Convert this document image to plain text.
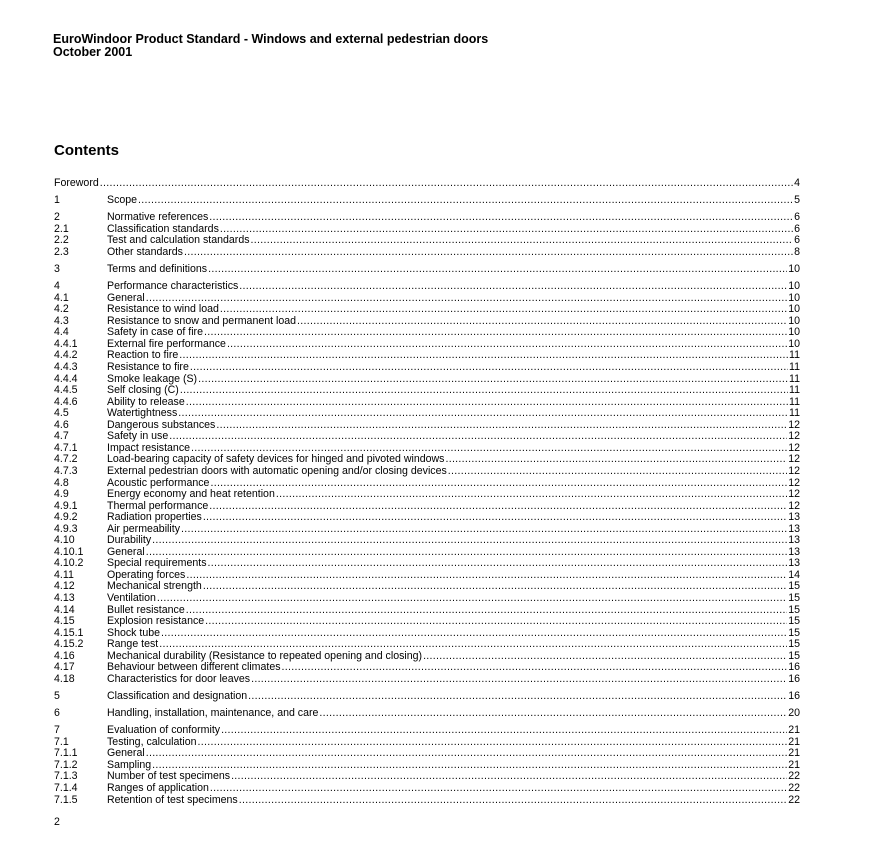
EuroWindoor Product Standard - Windows and external pedestrian doors
October 2001
Contents
Foreword .....	4
1	Scope .....	5
2	Normative references .....	6
2.1	Classification standards .....	6
2.2	Test and calculation standards .....	6
2.3	Other standards .....	8
3	Terms and definitions .....	10
4	Performance characteristics .....	10
4.1	General .....	10
4.2	Resistance to wind load .....	10
4.3	Resistance to snow and permanent load .....	10
4.4	Safety in case of fire .....	10
4.4.1	External fire performance .....	10
4.4.2	Reaction to fire .....	11
4.4.3	Resistance to fire .....	11
4.4.4	Smoke leakage (S) .....	11
4.4.5	Self closing (C) .....	11
4.4.6	Ability to release .....	11
4.5	Watertightness .....	11
4.6	Dangerous substances .....	12
4.7	Safety in use .....	12
4.7.1	Impact resistance .....	12
4.7.2	Load-bearing capacity of safety devices for hinged and pivoted windows .....	12
4.7.3	External pedestrian doors with automatic opening and/or closing devices .....	12
4.8	Acoustic performance .....	12
4.9	Energy economy and heat retention .....	12
4.9.1	Thermal performance .....	12
4.9.2	Radiation properties .....	13
4.9.3	Air permeability .....	13
4.10	Durability .....	13
4.10.1	General .....	13
4.10.2	Special requirements .....	13
4.11	Operating forces .....	14
4.12	Mechanical strength .....	15
4.13	Ventilation .....	15
4.14	Bullet resistance .....	15
4.15	Explosion resistance .....	15
4.15.1	Shock tube .....	15
4.15.2	Range test .....	15
4.16	Mechanical durability (Resistance to repeated opening and closing) .....	15
4.17	Behaviour between different climates .....	16
4.18	Characteristics for door leaves .....	16
5	Classification and designation .....	16
6	Handling, installation, maintenance, and care .....	20
7	Evaluation of conformity .....	21
7.1	Testing, calculation .....	21
7.1.1	General .....	21
7.1.2	Sampling .....	21
7.1.3	Number of test specimens .....	22
7.1.4	Ranges of application .....	22
7.1.5	Retention of test specimens .....	22
2
